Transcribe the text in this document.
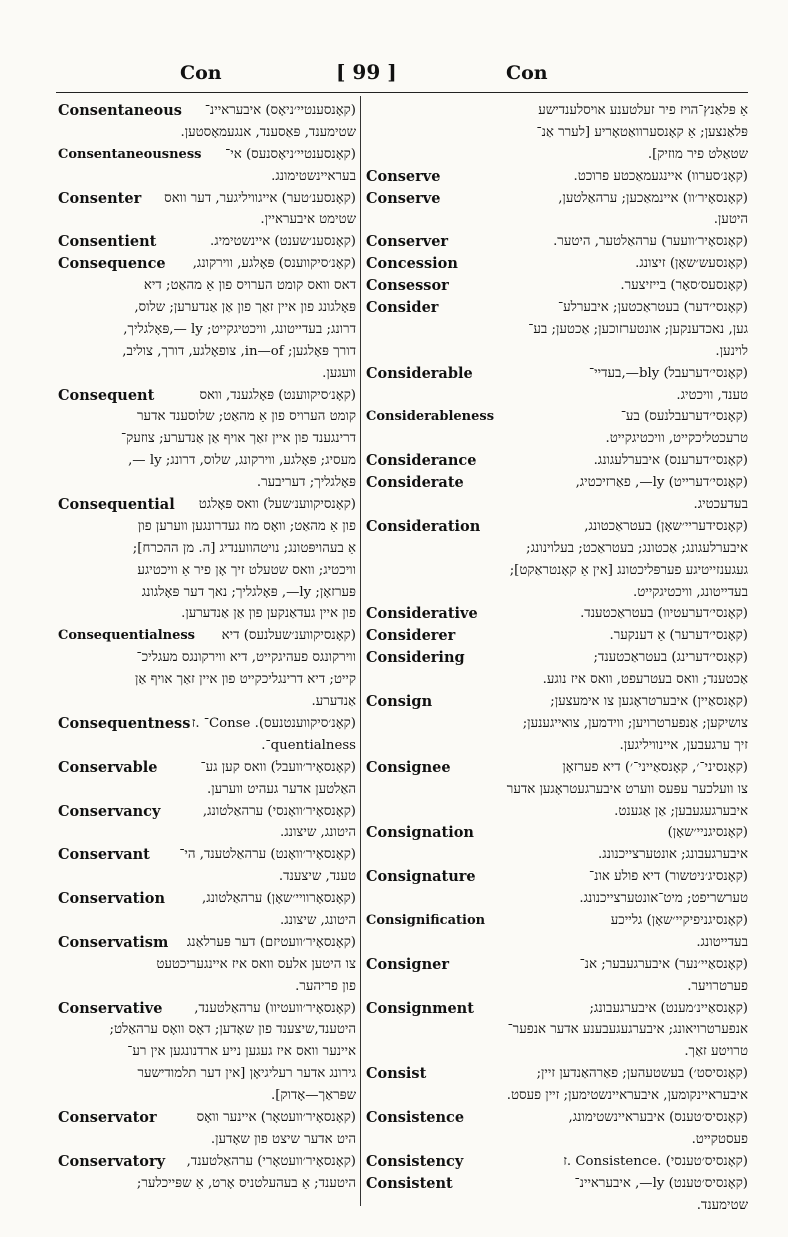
Con	[ 99 ]	Con
Consentaneous	(קאָנסענטיי׳ניאָס) איבעראיינ־
שטימענד, פּאַסענד, אנגעמאָסטען.
Consentaneousness	(קאָנסענטיי׳ניאָסנעס) אי־
בעראיינשטימונג.
Consenter	(קאָנסענ׳טער) אייגוויליגער, דער וואס
שטימט איבעראיין.
Consentient	(קאָנסענ׳שענט) איינשטימיג.
Consequence	(קאָנ׳סיקווענס) פּאָלגע, ווירקונג,
דאס וואס קומט הערויס פון אַ מהאַט; דיא
פּאָלגונג פון איין זאַך פון אַן אַנדערען; שלוס,
דרונג; בעדייטונג, וויכטיגקייט; ly —,פּאָלגליך,
דורך פּאָלגען; in—of, צופאָלגע, דורך, צוליב,
וועגען.
Consequent	(קאָנ׳סיקווענט) פּאָלגענד, וואס
קומט הערויס פון אַ מהאַט; שלוסענד אדער
דרינגענד פון איין זאַך אויף אַן אַנדערע; צוזעק־
מעסיג; פּאָלגע, ווירקונג, שלוס, דרונג; ly —,
פּאָלגליך; דעריבער.
Consequential	(קאָנסיקווענ׳שעל) וואס פּאָלגט
פון אַ מהאַט; וואָס מוז געדרונגען ווערען פון
אַ בעהויפּטונג; נויטהווענדיג [ה. מן ההכרח];
וויכטיג; וואס שטעלט זיך אָן פיר אַ וויכטיגע
פּערזאָן; ly—, פּאָלגליך; נאך דער פּאָלגונג
פון איין געדאַנקען פון אַן אַנדערען.
Consequentialness	(קאָנסיקווענ׳שעלנעס) דיא
ווירקונגס פעהיגקייט, דיא ווירקונגס מעגליכ־
קייט; דיא דרינגליכקייט פון איין זאַך אויף אַן
אַנדערע.
Consequentness (קאָנ׳סיקווענטנעס). Conse־ .ז
quentialness־.
Conservable	(קאָנסאָיר׳וועבל) וואס קען גע־
האַלטען אדער געהיט ווערען.
Conservancy	(קאָנסאָיר׳וואָנסי) ערהאַלטונג,
היטונג, שיצונג.
Conservant	(קאָנסאָיר׳וואָנט) ערהאַלטענד, הי־
טענד, שיצענד.
Conservation	(קאָנסאָרוויי׳שאָן) ערהאַלטונג,
היטונג, שיצונג.
Conservatism	(קאָנסאָיר׳וועטיזם) דער פּערלאַנג
צו היטען אלעס וואס איז איינגעריכטעט
פון פריהער.
Conservative	(קאָנסאָיר׳וועטיוו) ערהאַלטענד,
היטענד,שיצענד פון שאָדען; דאָס וואָס ערהאַלט;
איינער וואס איז געגען נייע ארדנונגען אין רע־
גירונג אדער רעליגיאָן [אין דער תלמודישער
שפּראַך—אָדוק].
Conservator	(קאָנסאָיר׳וועטאָר) איינער וואָס
היט אדער שיצט פון שאָדען.
Conservatory	(קאָנסאָיר׳וועטאָרי) ערהאַלטענד,
היטענד; אַ בעהעלטניס אָרט, אַ שפּייכלער;
אַ פּלאַנץ־הויז פיר זעלטענע אויסלענדישע
פּלאַנצען; אַ קאָנסערוואַטאָריע [לערר אַנ־
שטאַלט פיר מוזיק].
Conserve	(קאָנ׳סערוו) איינגעמאַכטע פרוכט.
Conserve	(קאָנסאָיר׳וו) איינמאַכען; ערהאַלטען,
היטען.
Conserver	(קאָנסאָיר׳וועער) ערהאַלטער, היטער.
Concession	(קאָנסעש׳שאָן) זיצונג.
Consessor	(קאָנסעס׳סאָר) בייזיצער.
Consider	(קאָנסי׳דער) בעטראַכטען; איבערלע־
גען, נאכדענקען; אונטערזוכען; אַכטען; בע־
לוינען.
Considerable	(קאָנסי׳דערעבל) bly—,בעדיי־
טענד, וויכטיג.
Considerableness	(קאָנסי׳דערעבלנעס) בע־
טרעכטליכקייט, וויכטיגקייט.
Considerance	(קאָנסי׳דערענס) איבערלעגונג.
Considerate	(קאָנסי׳דערייט) ly—, פאַרזיכטיג,
בעדעכטיג.
Consideration	(קאָנסידעריי׳שאָן) בעטראַכטונג,
איבערלעגונג; אַכטונג; בעטראַכט; בעלוינונג;
געגענזייטיגע פערפּליכטונג [אין אַ קאָנטראַקט];
בעדייטונג, וויכטיגקייט.
Considerative	(קאָנסי׳דערעטיוו) בעטראַכטענד.
Considerer	(קאָנסי׳דערער) אַ דענקער.
Considering	(קאָנסי׳דערינג) בעטראַכטענד;
אַכטענד; וואס בעטרעפט, וואס איז נוגע.
Consign	(קאָנסאַיין) איבערטראָגען צו אימעצען;
צושיקען; אַנפערטרויען; ווידמען, צואייגענען;
זיך ערגעבען, איינוויליגען.
Consignee	(קאָנסיני־׳, קאָנסאַייני־׳) דיא פערזאָן
צו וועלכער עפּעס ווערט איבערגעטראָגען אדער
איבערגעגעבען; אַן אַגענט.
Consignation	(קאָנסיגניי׳שאָן)
איבערגעבונג; אונטערצייכנונג.
Consignature	(קאָנסיג׳ניטשור) דיא פולע אונ־
טערשריפט; מיט־אונטערצייכנונג.
Consignification	(קאָנסיגניפיקיי׳שאָן) גלייכע
בעדייטונג.
Consigner	(קאָנסאַיי׳נער) איבערגעבער; אנ־
פערטרויער.
Consignment	(קאָנסאַיינ׳מענט) איבערגעבונג;
אנפערטרויאונג; איבערגעגעבענע אדער אנפער־
טרויטע זאַך.
Consist	(קאָנסיסט׳) בעשטעהען; פאַרהאַנדען זיין;
איבעראיינקומען, איבעראיינשטימען; זיין פעסט.
Consistence	(קאָנסיס׳טענס) איבעראיינשטימונג,
פעסטקייט.
Consistency	(קאָנסיס׳טענסי) .Consistence .ז
Consistent	(קאָנסיס׳טענט) ly—, איבעראיינ־
שטימענד.
